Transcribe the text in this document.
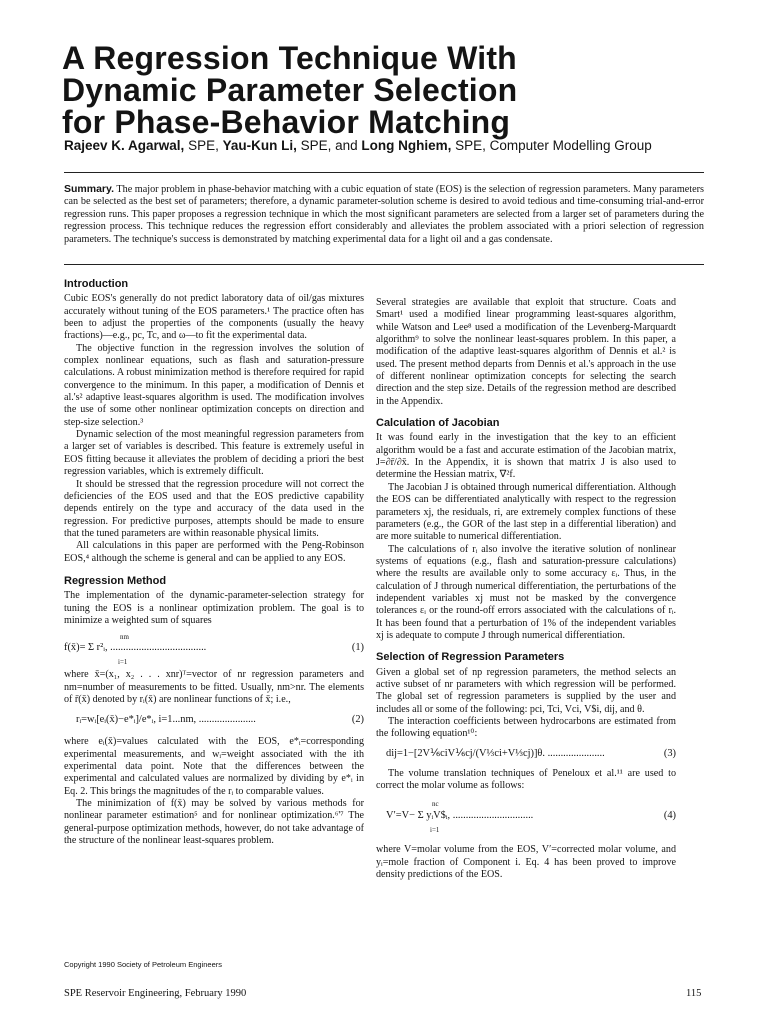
A Regression Technique With
Dynamic Parameter Selection
for Phase-Behavior Matching
Rajeev K. Agarwal, SPE, Yau-Kun Li, SPE, and Long Nghiem, SPE, Computer Modelling Group
Summary. The major problem in phase-behavior matching with a cubic equation of state (EOS) is the selection of regression parameters. Many parameters can be selected as the best set of parameters; therefore, a dynamic parameter-solution scheme is desired to avoid tedious and time-consuming trial-and-error regression runs. This paper proposes a regression technique in which the most significant parameters are selected from a larger set of parameters during the regression process. This technique reduces the regression effort considerably and alleviates the problem associated with a priori selection of regression parameters. The technique's success is demonstrated by matching experimental data for a light oil and a gas condensate.

Introduction

Cubic EOS's generally do not predict laboratory data of oil/gas mixtures accurately without tuning of the EOS parameters.¹ The practice often has been to adjust the properties of the components (usually the heavy fractions)—e.g., pc, Tc, and ω—to fit the experimental data.

The objective function in the regression involves the solution of complex nonlinear equations, such as flash and saturation-pressure calculations. A robust minimization method is therefore required for rapid convergence to the minimum. In this paper, a modification of Dennis et al.'s² adaptive least-squares algorithm is used. The modification involves the use of some other nonlinear optimization concepts on direction and step-size selection.³

Dynamic selection of the most meaningful regression parameters from a larger set of variables is described. This feature is extremely useful in EOS fitting because it alleviates the problem of deciding a priori the best regression variables, which is extremely difficult.

It should be stressed that the regression procedure will not correct the deficiencies of the EOS used and that the EOS predictive capability depends entirely on the type and accuracy of the data used in the regression. For predictive purposes, attempts should be made to ensure that the tuned parameters are within reasonable physical limits.

All calculations in this paper are performed with the Peng-Robinson EOS,⁴ although the scheme is general and can be applied to any EOS.

Regression Method

The implementation of the dynamic-parameter-selection strategy for tuning the EOS is a nonlinear optimization problem. The goal is to minimize a weighted sum of squares

nm
f(x̄)= Σ r²ᵢ, .....................................
i=1
(1)

where x̄=(x₁, x₂ . . . xnr)ᵀ=vector of nr regression parameters and nm=number of measurements to be fitted. Usually, nm>nr. The elements of r̄(x̄) denoted by rᵢ(x̄) are nonlinear functions of x̄; i.e.,

rᵢ=wᵢ[eᵢ(x̄)−e*ᵢ]/e*ᵢ, i=1...nm, ......................	(2)

where eᵢ(x̄)=values calculated with the EOS, e*ᵢ=corresponding experimental measurements, and wᵢ=weight associated with the ith experimental data point. Note that the differences between the experimental and calculated values are normalized by dividing by e*ᵢ in Eq. 2. This brings the magnitudes of the rᵢ to comparable values.

The minimization of f(x̄) may be solved by various methods for nonlinear parameter estimation⁵ and for nonlinear optimization.⁶'⁷ The general-purpose optimization methods, however, do not take advantage of the structure of the nonlinear least-squares problem.

Copyright 1990 Society of Petroleum Engineers

Several strategies are available that exploit that structure. Coats and Smart¹ used a modified linear programming least-squares algorithm, while Watson and Lee⁸ used a modification of the Levenberg-Marquardt algorithm⁹ to solve the nonlinear least-squares problem. In this paper, a modification of the adaptive least-squares algorithm of Dennis et al.² is used. The present method departs from Dennis et al.'s approach in the use of different nonlinear optimization concepts for selecting the search direction and the step size. Details of the regression method are described in the Appendix.

Calculation of Jacobian

It was found early in the investigation that the key to an efficient algorithm would be a fast and accurate estimation of the Jacobian matrix, J=∂r̄/∂x̄. In the Appendix, it is shown that matrix J is also used to determine the Hessian matrix, ∇²f.

The Jacobian J is obtained through numerical differentiation. Although the EOS can be differentiated analytically with respect to the regression parameters xj, the residuals, ri, are extremely complex functions of these parameters (e.g., the GOR of the last step in a differential liberation) and are more suitable to numerical differentiation.

The calculations of rᵢ also involve the iterative solution of nonlinear systems of equations (e.g., flash and saturation-pressure calculations) where the results are available only to some accuracy εᵢ. Thus, in the calculation of J through numerical differentiation, the perturbations of the independent variables xj must not be masked by the convergence tolerances εᵢ or the round-off errors associated with the calculations of rᵢ. It has been found that a perturbation of 1% of the independent variables xj is adequate to compute J through numerical differentiation.

Selection of Regression Parameters

Given a global set of np regression parameters, the method selects an active subset of nr parameters with which regression will be performed. The global set of regression parameters is supplied by the user and includes all or some of the following: pci, Tci, Vci, V$i, dij, and θ.

The interaction coefficients between hydrocarbons are estimated from the following equation¹⁰:

dij=1−[2V⅙ciV⅙cj/(V⅓ci+V⅓cj)]θ. ......................	(3)

The volume translation techniques of Peneloux et al.¹¹ are used to correct the molar volume as follows:

nc
V′=V− Σ yᵢV$ᵢ, ...............................
i=1
(4)

where V=molar volume from the EOS, V′=corrected molar volume, and yᵢ=mole fraction of Component i. Eq. 4 has been proved to improve density predictions of the EOS.

SPE Reservoir Engineering, February 1990	115
